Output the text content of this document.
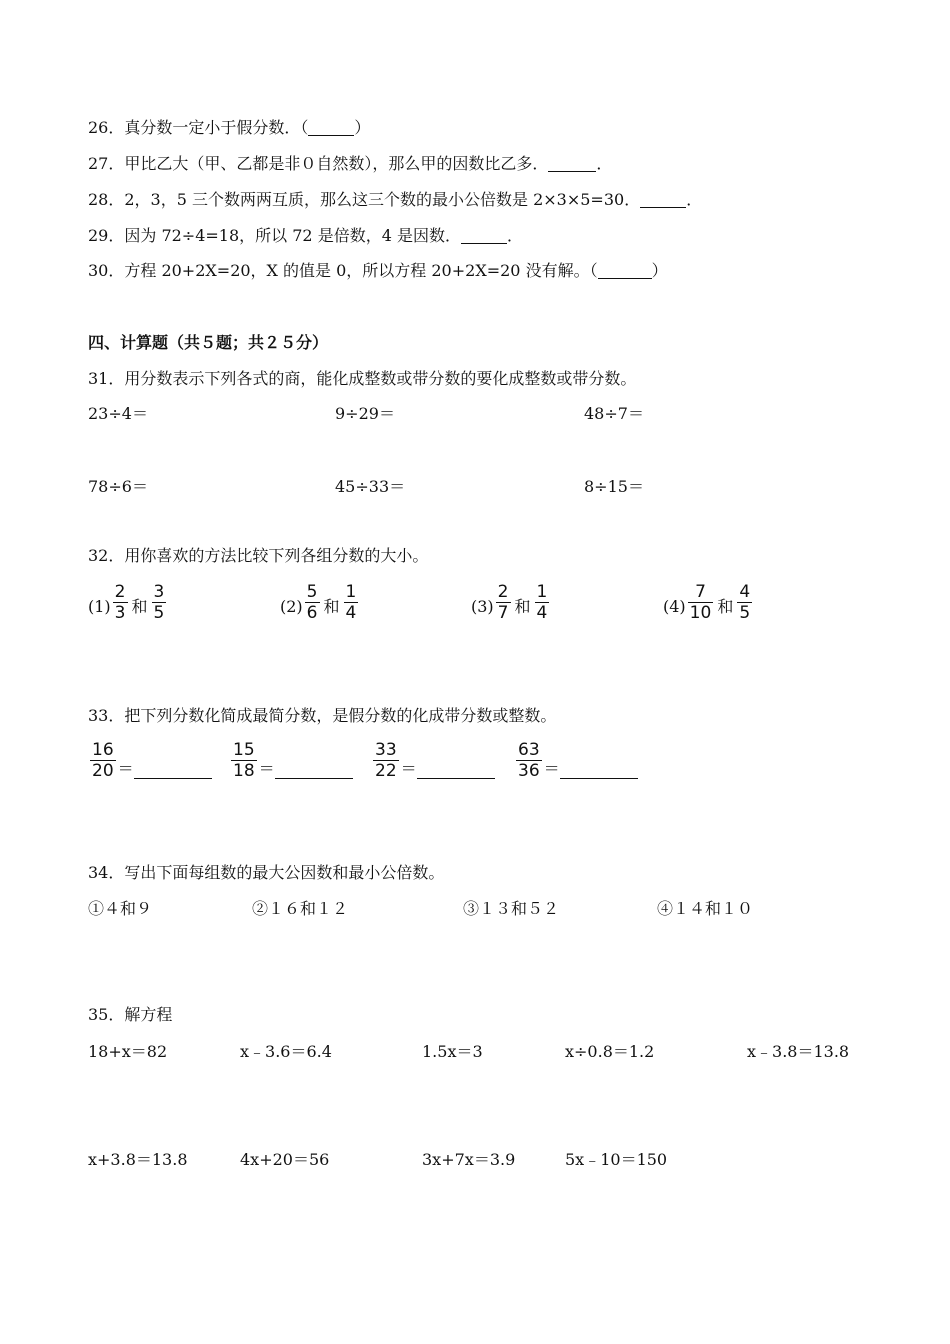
26．真分数一定小于假分数．（	）
27．甲比乙大（甲、乙都是非０自然数），那么甲的因数比乙多．	．
28．2，3，5 三个数两两互质，那么这三个数的最小公倍数是 2×3×5=30．	．
29．因为 72÷4=18，所以 72 是倍数，4 是因数．	．
30．方程 20+2X=20，X 的值是 0，所以方程 20+2X=20 没有解。（	）
四、计算题（共５题；共２５分）
31．用分数表示下列各式的商，能化成整数或带分数的要化成整数或带分数。
23÷4＝	9÷29＝	48÷7＝
78÷6＝	45÷33＝	8÷15＝
32．用你喜欢的方法比较下列各组分数的大小。
$(1) \frac{2}{3}$ 和 $\frac{3}{5}$	$(2) \frac{5}{6}$ 和 $\frac{1}{4}$	$(3) \frac{2}{7}$ 和 $\frac{1}{4}$	$(4) \frac{7}{10}$ 和 $\frac{4}{5}$
33．把下列分数化简成最简分数，是假分数的化成带分数或整数。
$\frac{16}{20}$ ＝	$\frac{15}{18}$ ＝	$\frac{33}{22}$ ＝	$\frac{63}{36}$ ＝
34．写出下面每组数的最大公因数和最小公倍数。
①４和９	②１６和１２	③１３和５２	④１４和１０
35．解方程
18+x＝82	x﹣3.6＝6.4	1.5x＝3	x÷0.8＝1.2	x﹣3.8＝13.8
x+3.8＝13.8	4x+20＝56	3x+7x＝3.9	5x﹣10＝150
